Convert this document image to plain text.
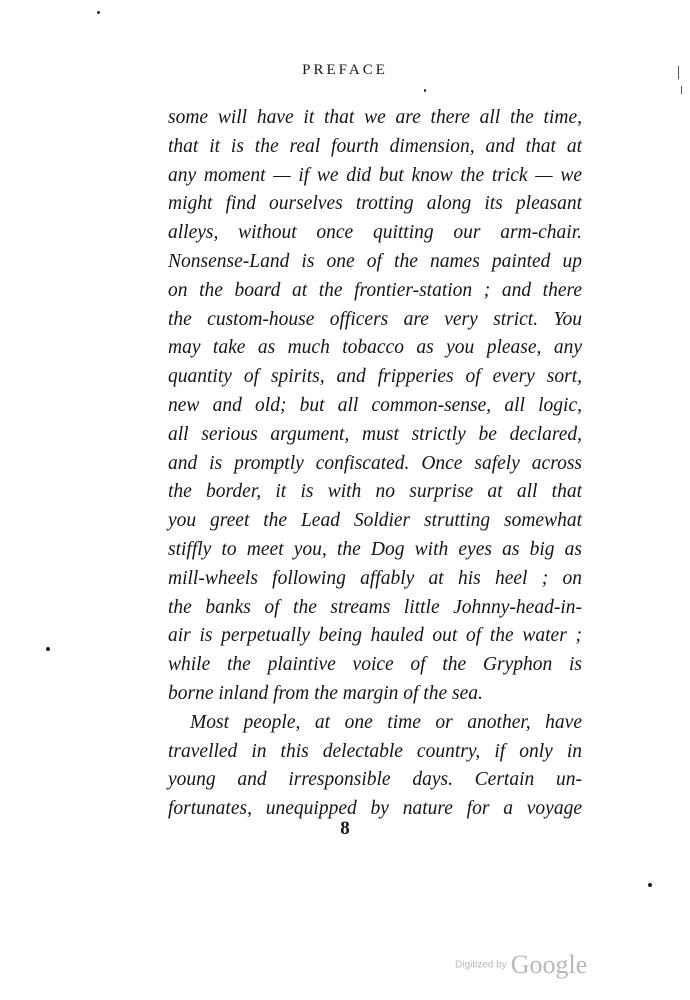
PREFACE
some will have it that we are there all the time,
that it is the real fourth dimension, and that at
any moment — if we did but know the trick — we
might find ourselves trotting along its pleasant
alleys, without once quitting our arm-chair.
Nonsense-Land is one of the names painted up
on the board at the frontier-station ; and there
the custom-house officers are very strict. You
may take as much tobacco as you please, any
quantity of spirits, and fripperies of every sort,
new and old; but all common-sense, all logic,
all serious argument, must strictly be declared,
and is promptly confiscated. Once safely across
the border, it is with no surprise at all that
you greet the Lead Soldier strutting somewhat
stiffly to meet you, the Dog with eyes as big as
mill-wheels following affably at his heel ; on
the banks of the streams little Johnny-head-in-
air is perpetually being hauled out of the water ;
while the plaintive voice of the Gryphon is
borne inland from the margin of the sea.
Most people, at one time or another, have
travelled in this delectable country, if only in
young and irresponsible days. Certain un-
fortunates, unequipped by nature for a voyage
8
Digitized by Google
